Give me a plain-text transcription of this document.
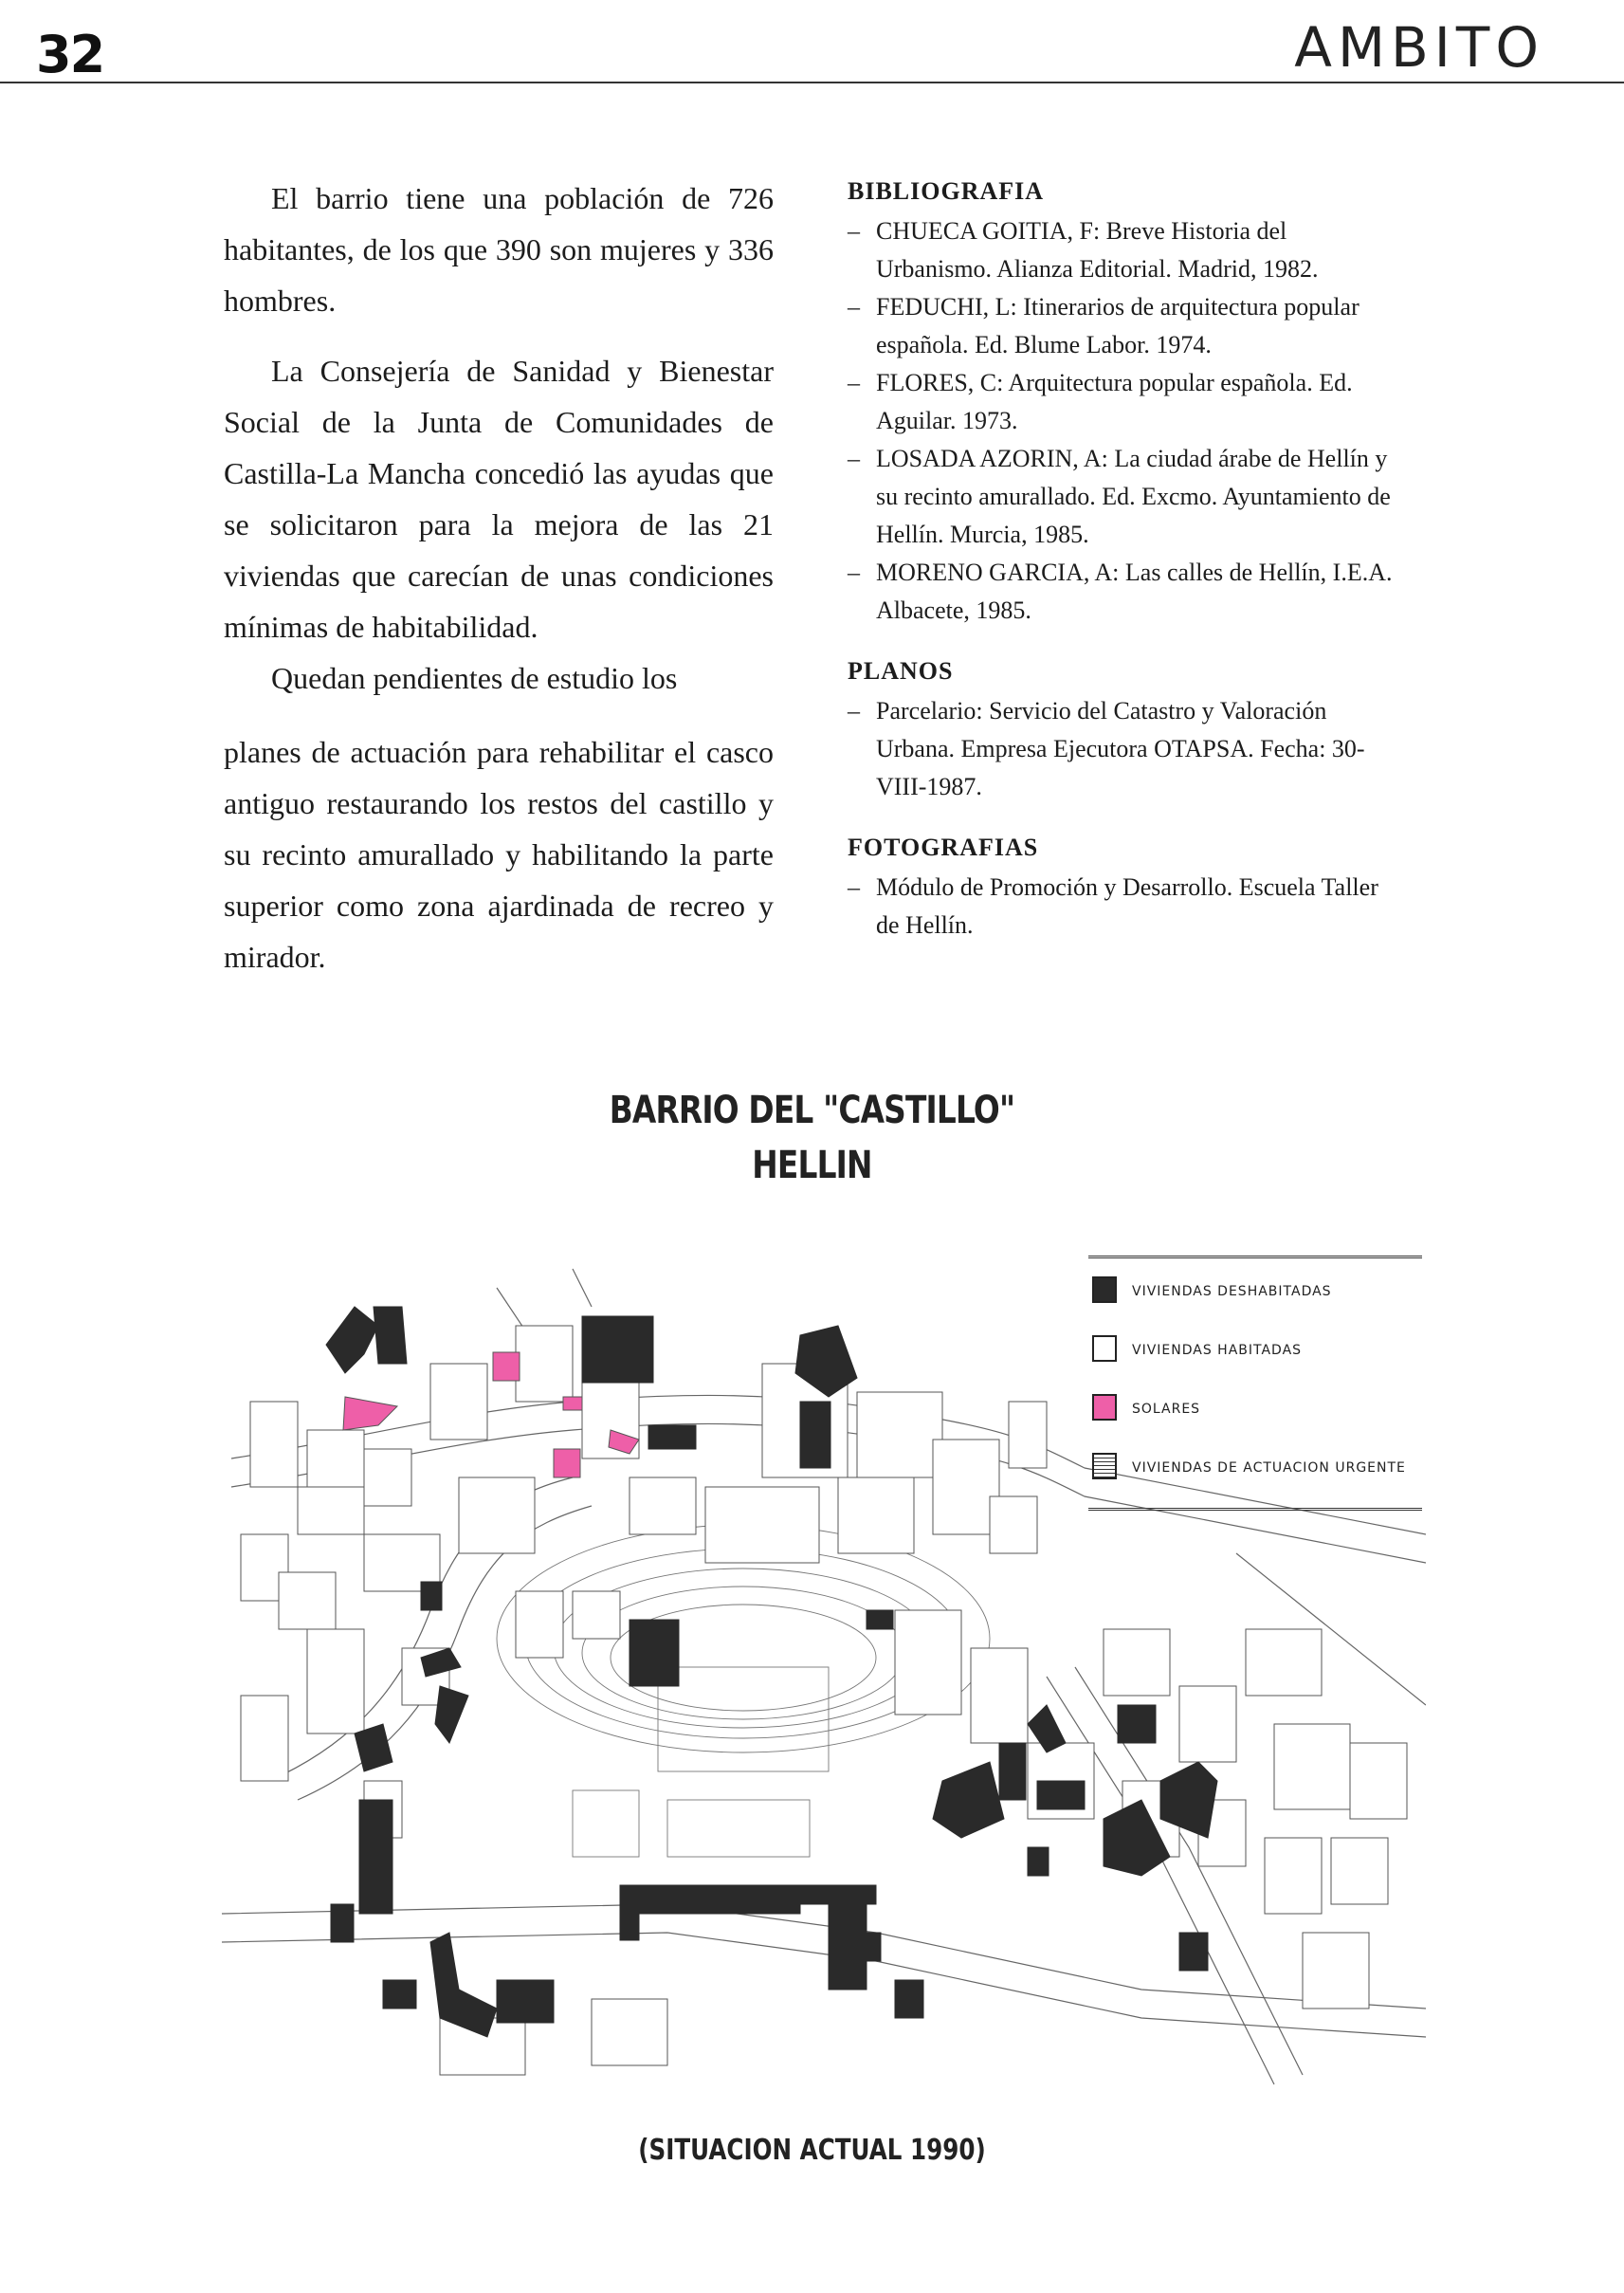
32	AMBITO

El barrio tiene una población de 726 habitantes, de los que 390 son mujeres y 336 hombres.

La Consejería de Sanidad y Bienestar Social de la Junta de Comunidades de Castilla-La Mancha concedió las ayudas que se solicitaron para la mejora de las 21 viviendas que carecían de unas condiciones mínimas de habitabilidad.

Quedan pendientes de estudio los

planes de actuación para rehabilitar el casco antiguo restaurando los restos del castillo y su recinto amurallado y habilitando la parte superior como zona ajardinada de recreo y mirador.

BIBLIOGRAFIA

– CHUECA GOITIA, F: Breve Historia del Urbanismo. Alianza Editorial. Madrid, 1982.

– FEDUCHI, L: Itinerarios de arquitectura popular española. Ed. Blume Labor. 1974.

– FLORES, C: Arquitectura popular española. Ed. Aguilar. 1973.

– LOSADA AZORIN, A: La ciudad árabe de Hellín y su recinto amurallado. Ed. Excmo. Ayuntamiento de Hellín. Murcia, 1985.

– MORENO GARCIA, A: Las calles de Hellín, I.E.A. Albacete, 1985.

PLANOS

– Parcelario: Servicio del Catastro y Valoración Urbana. Empresa Ejecutora OTAPSA. Fecha: 30-VIII-1987.

FOTOGRAFIAS

– Módulo de Promoción y Desarrollo. Escuela Taller de Hellín.

BARRIO DEL "CASTILLO"
HELLIN
VIVIENDAS DESHABITADAS
VIVIENDAS HABITADAS
SOLARES
VIVIENDAS DE ACTUACION URGENTE
(SITUACION ACTUAL 1990)
